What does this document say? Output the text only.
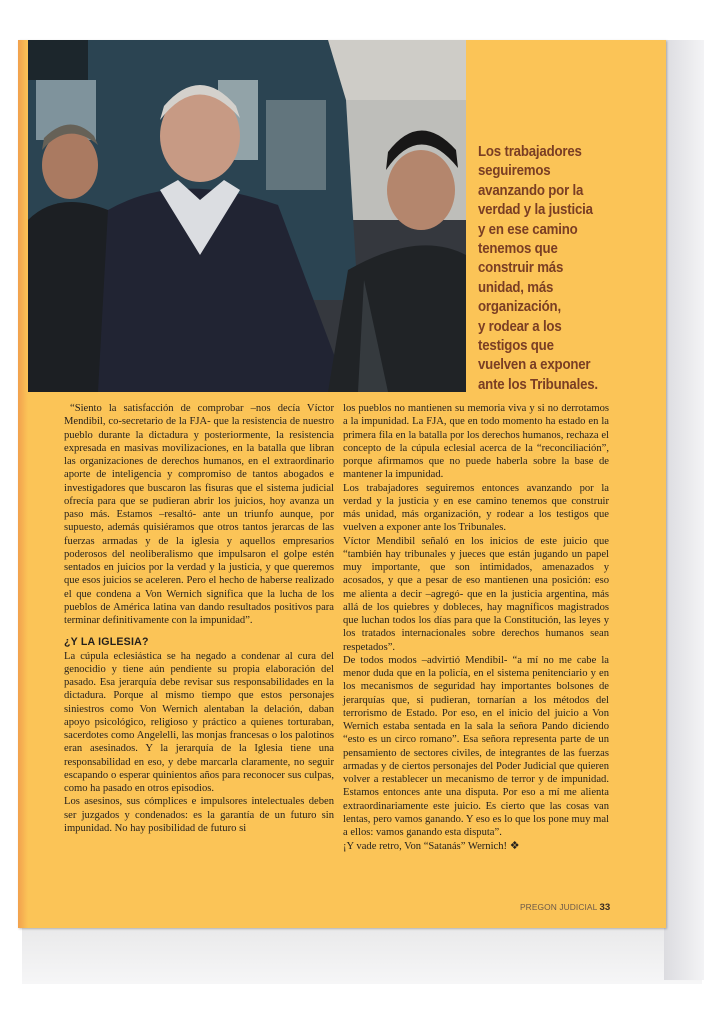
Los trabajadores
seguiremos
avanzando por la
verdad y la justicia
y en ese camino
tenemos que
construir más
unidad, más
organización,
y rodear a los
testigos que
vuelven a exponer
ante los Tribunales.

“Siento la satisfacción de comprobar –nos decía Víctor Mendibil, co-secretario de la FJA- que la resistencia de nuestro pueblo durante la dictadura y posteriormente, la resistencia expresada en masivas movilizaciones, en la batalla que libran las organizaciones de derechos humanos, en el extraordinario aporte de inteligencia y compromiso de tantos abogados e investigadores que buscaron las fisuras que el sistema judicial ofrecía para que se pudieran abrir los juicios, hoy avanza un paso más. Estamos –resaltó- ante un triunfo aunque, por supuesto, además quisiéramos que otros tantos jerarcas de las fuerzas armadas y de la iglesia y aquellos empresarios poderosos del neoliberalismo que impulsaron el golpe estén sentados en juicios por la verdad y la justicia, y que queremos que esos juicios se aceleren. Pero el hecho de haberse realizado el que condena a Von Wernich significa que la lucha de los pueblos de América latina van dando resultados positivos para terminar definitivamente con la impunidad”.

¿Y LA IGLESIA?

La cúpula eclesiástica se ha negado a condenar al cura del genocidio y tiene aún pendiente su propia elaboración del pasado. Esa jerarquía debe revisar sus responsabilidades en la dictadura. Porque al mismo tiempo que estos personajes siniestros como Von Wernich alentaban la delación, daban apoyo psicológico, religioso y práctico a quienes torturaban, sacerdotes como Angelelli, las monjas francesas o los palotinos eran asesinados. Y la jerarquía de la Iglesia tiene una responsabilidad en eso, y debe marcarla claramente, no seguir escapando o esperar quinientos años para reconocer sus culpas, como ha pasado en otros episodios.

Los asesinos, sus cómplices e impulsores intelectuales deben ser juzgados y condenados: es la garantía de un futuro sin impunidad. No hay posibilidad de futuro si

los pueblos no mantienen su memoria viva y si no derrotamos a la impunidad. La FJA, que en todo momento ha estado en la primera fila en la batalla por los derechos humanos, rechaza el concepto de la cúpula eclesial acerca de la “reconciliación”, porque afirmamos que no puede haberla sobre la base de mantener la impunidad.

Los trabajadores seguiremos entonces avanzando por la verdad y la justicia y en ese camino tenemos que construir más unidad, más organización, y rodear a los testigos que vuelven a exponer ante los Tribunales.

Víctor Mendibil señaló en los inicios de este juicio que “también hay tribunales y jueces que están jugando un papel muy importante, que son intimidados, amenazados y acosados, y que a pesar de eso mantienen una posición: eso me alienta a decir –agregó- que en la justicia argentina, más allá de los quiebres y dobleces, hay magníficos magistrados que luchan todos los días para que la Constitución, las leyes y los tratados internacionales sobre derechos humanos sean respetados”.

De todos modos –advirtió Mendibil- “a mí no me cabe la menor duda que en la policía, en el sistema penitenciario y en los mecanismos de seguridad hay importantes bolsones de jerarquías que, si pudieran, tornarían a los métodos del terrorismo de Estado. Por eso, en el inicio del juicio a Von Wernich estaba sentada en la sala la señora Pando diciendo “esto es un circo romano”. Esa señora representa parte de un pensamiento de sectores civiles, de integrantes de las fuerzas armadas y de ciertos personajes del Poder Judicial que quieren volver a restablecer un mecanismo de terror y de impunidad. Estamos entonces ante una disputa. Por eso a mí me alienta extraordinariamente este juicio. Es cierto que las cosas van lentas, pero vamos ganando. Y eso es lo que los pone muy mal a ellos: vamos ganando esta disputa”.

¡Y vade retro, Von “Satanás” Wernich! ❖

PREGON JUDICIAL 33
